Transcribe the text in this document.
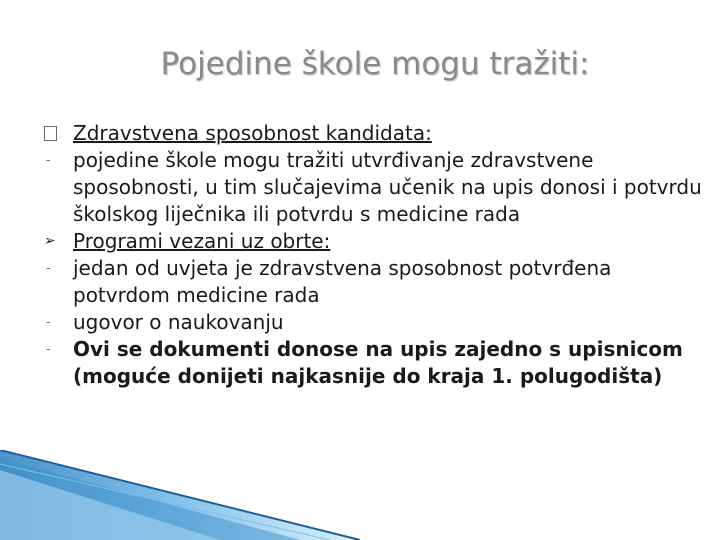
Pojedine škole mogu tražiti:

Zdravstvena sposobnost kandidata:

-	pojedine škole mogu tražiti utvrđivanje zdravstvene sposobnosti, u tim slučajevima učenik na upis donosi i potvrdu školskog liječnika ili potvrdu s medicine rada

➢ Programi vezani uz obrte:

-	jedan od uvjeta je zdravstvena sposobnost potvrđena potvrdom medicine rada

-	ugovor o naukovanju

-	Ovi se dokumenti donose na upis zajedno s upisnicom (moguće donijeti najkasnije do kraja 1. polugodišta)
